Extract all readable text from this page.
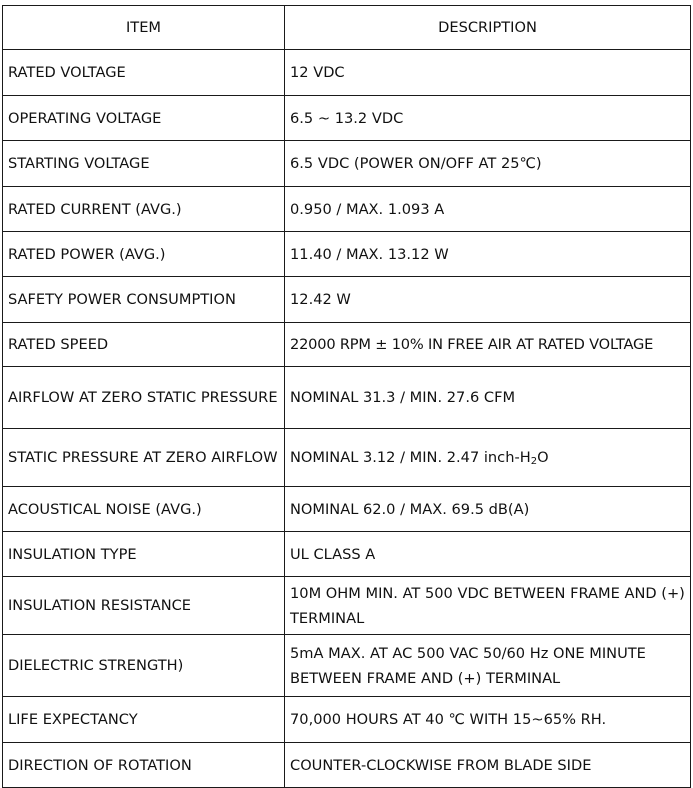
ITEM	DESCRIPTION
RATED VOLTAGE	12 VDC
OPERATING VOLTAGE	6.5 ~ 13.2 VDC
STARTING VOLTAGE	6.5 VDC (POWER ON/OFF AT 25℃)
RATED CURRENT (AVG.)	0.950 / MAX. 1.093 A
RATED POWER (AVG.)	11.40 / MAX. 13.12 W
SAFETY POWER CONSUMPTION	12.42 W
RATED SPEED	22000 RPM ± 10% IN FREE AIR AT RATED VOLTAGE
AIRFLOW AT ZERO STATIC PRESSURE	NOMINAL 31.3 / MIN. 27.6 CFM
STATIC PRESSURE AT ZERO AIRFLOW	NOMINAL 3.12 / MIN. 2.47 inch-$H_2O$
ACOUSTICAL NOISE (AVG.)	NOMINAL 62.0 / MAX. 69.5 dB(A)
INSULATION TYPE	UL CLASS A
INSULATION RESISTANCE	10M OHM MIN. AT 500 VDC BETWEEN FRAME AND (+) TERMINAL
DIELECTRIC STRENGTH)	5mA MAX. AT AC 500 VAC 50/60 Hz ONE MINUTE BETWEEN FRAME AND (+) TERMINAL
LIFE EXPECTANCY	70,000 HOURS AT 40 ℃ WITH 15~65% RH.
DIRECTION OF ROTATION	COUNTER-CLOCKWISE FROM BLADE SIDE
